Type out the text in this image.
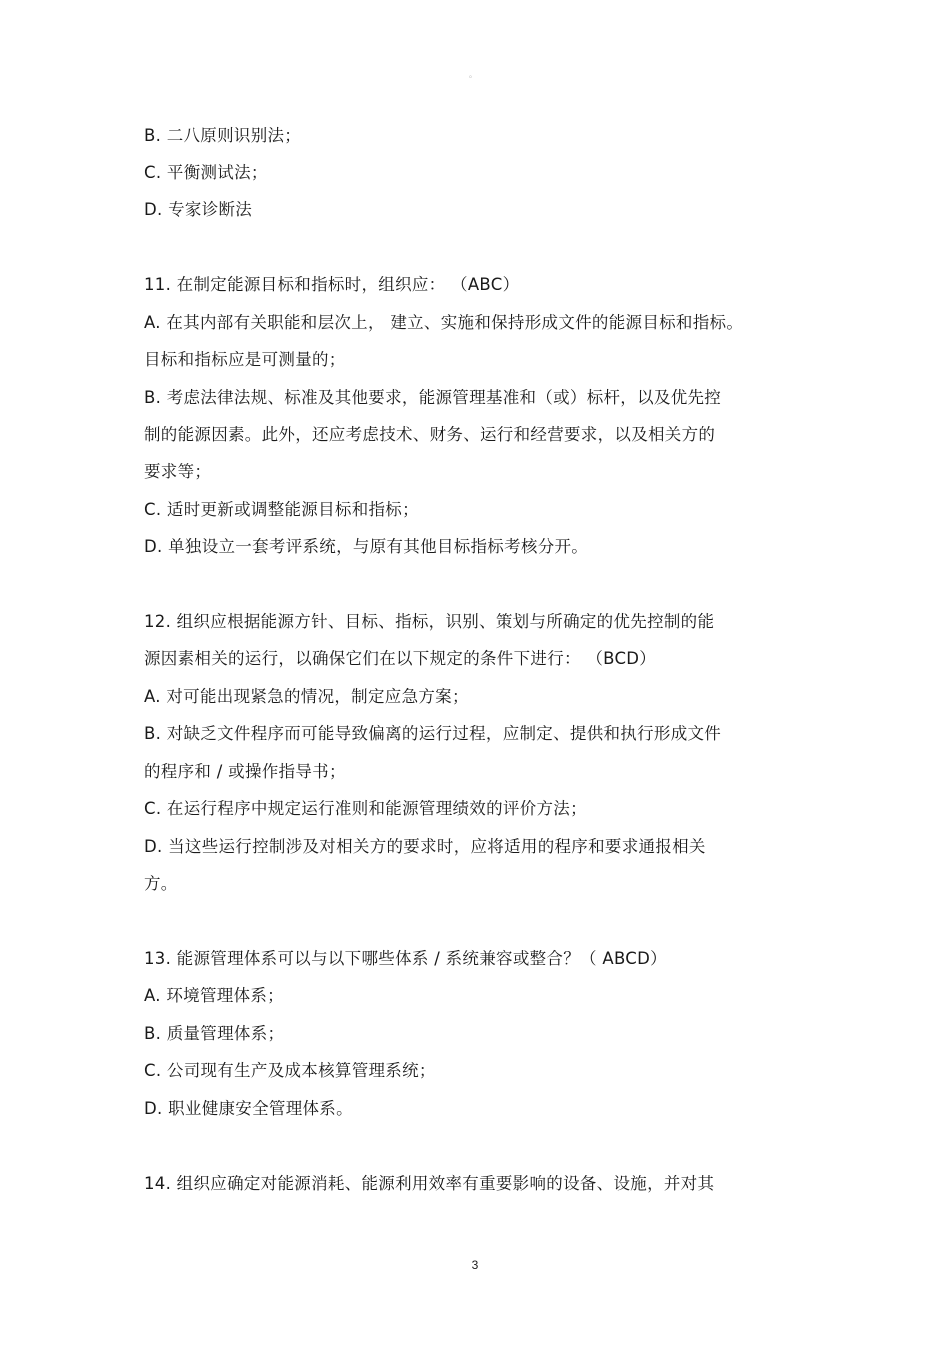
。
B. 二八原则识别法；
C. 平衡测试法；
D. 专家诊断法
11. 在制定能源目标和指标时，组织应： （ABC）
A. 在其内部有关职能和层次上， 建立、实施和保持形成文件的能源目标和指标。
目标和指标应是可测量的；
B. 考虑法律法规、标准及其他要求，能源管理基准和（或）标杆，以及优先控
制的能源因素。此外，还应考虑技术、财务、运行和经营要求，以及相关方的
要求等；
C. 适时更新或调整能源目标和指标；
D. 单独设立一套考评系统，与原有其他目标指标考核分开。
12. 组织应根据能源方针、目标、指标，识别、策划与所确定的优先控制的能
源因素相关的运行，以确保它们在以下规定的条件下进行： （BCD）
A. 对可能出现紧急的情况，制定应急方案；
B. 对缺乏文件程序而可能导致偏离的运行过程，应制定、提供和执行形成文件
的程序和 / 或操作指导书；
C. 在运行程序中规定运行准则和能源管理绩效的评价方法；
D. 当这些运行控制涉及对相关方的要求时，应将适用的程序和要求通报相关
方。
13. 能源管理体系可以与以下哪些体系 / 系统兼容或整合？（ ABCD）
A. 环境管理体系；
B. 质量管理体系；
C. 公司现有生产及成本核算管理系统；
D. 职业健康安全管理体系。
14. 组织应确定对能源消耗、能源利用效率有重要影响的设备、设施，并对其
3
